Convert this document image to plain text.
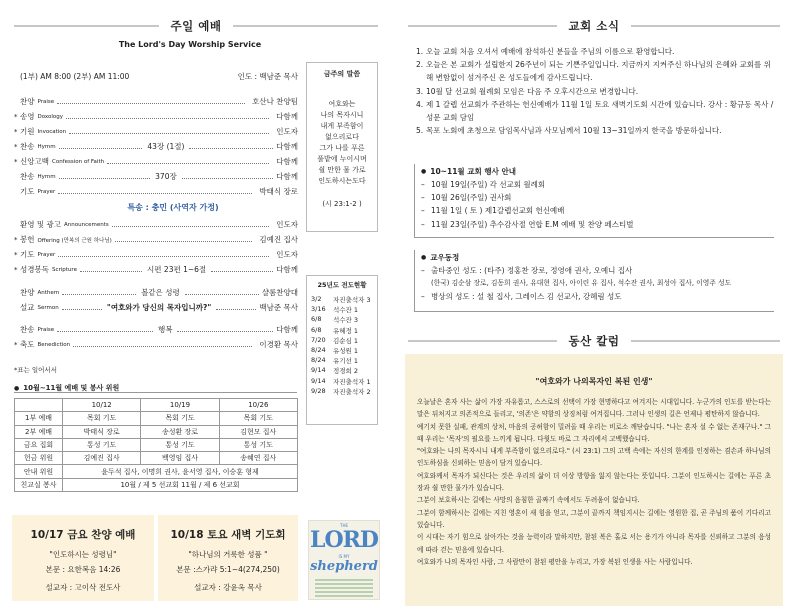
주일 예배
The Lord's Day Worship Service
(1부) AM 8:00 (2부) AM 11:00	인도 : 백남준 목사
찬양 Praise	호산나 찬양팀
* 송영 Doxology	다함께
* 기원 Invocation	인도자
* 찬송 Hymm	43장 (1절)	다함께
* 신앙고백 Confession of Faith	다함께
찬송 Hymm	370장	다함께
기도 Prayer	박태식 장로
특송 : 충민 (사역자 가정)
환영 및 광고 Announcements	인도자
* 봉헌 Offering (만복의 근원 하나님)	김예진 집사
* 기도 Prayer	인도자
* 성경봉독 Scripture	시편 23편 1~6절	다함께
찬양 Anthem	볼같은 성령	샬롬찬양대
설교 Sermon	"여호와가 당신의 목자입니까?"	백남준 목사
찬송 Praise	행복	다함께
* 축도 Benediction	이경환 목사
*표는 일어서서
금주의 말씀
여호와는
나의 목자시니
내게 부족함이
없으리로다
그가 나를 푸른
풀밭에 누이시며
쉴 만한 물 가로
인도하시는도다
(시 23:1-2 )
25년도 전도현황
3/2	자진출석자 3
3/16	석수잔 1
6/8	석수잔 3
6/8	유혜정 1
7/20	김순심 1
8/24	유성원 1
8/24	유기선 1
9/14	정경희 2
9/14	자진출석자 1
9/28	자진출석자 2
● 10월~11월 예배 및 봉사 위원
	10/12	10/19	10/26
1부 예배	목회 기도	목회 기도	목회 기도
2부 예배	박태식 장로	송성환 장로	김현모 집사
금요 집회	통성 기도	통성 기도	통성 기도
헌금 위원	김예진 집사	백영임 집사	송혜연 집사
안내 위원	윤두석 집사, 이명희 권사, 윤서영 집사, 이승훈 형제		
친교실 봉사	10월 / 제 5 선교회 11월 / 제 6 선교회		
10/17 금요 찬양 예배
"인도하시는 성령님"
본문 : 요한복음 14:26
설교자 : 고이삭 전도사
10/18 토요 새벽 기도회
"하나님의 거룩한 성품 "
본문 :스가랴 5:1~4(274,250)
설교자 : 강윤옥 목사
THE
LORD
IS MY
shepherd
교회 소식
1. 오늘 교회 처음 오셔서 예배에 참석하신 분들을 주님의 이름으로 환영합니다.
2. 오늘은 본 교회가 설립한지 26주년이 되는 기쁜주일입니다. 지금까지 지켜주신 하나님의 은혜와 교회를 위해 변함없이 섬겨주신 온 성도들에게 감사드립니다.
3. 10월 달 선교회 월례회 모임은 다음 주 오후시간으로 변경합니다.
4. 제 1 갈렙 선교회가 주관하는 헌신예배가 11월 1일 토요 새벽기도회 시간에 있습니다. 강사 : 황규동 목사 / 성문 교회 담임
5. 목포 노회에 초청으로 담임목사님과 사모님께서 10월 13~31일까지 한국을 방문하십니다.
● 10~11월 교회 행사 안내
– 10월 19일(주일) 각 선교회 월례회
– 10월 26일(주일) 권사회
– 11월 1일 ( 토 ) 제1갈렙선교회 헌신예배
– 11월 23일(주일) 추수감사절 연합 E.M 예배 및 찬양 페스티벌
● 교우동정
– 출타중인 성도 : (타주) 정홍찬 장로, 정영애 권사, 오예니 집사
(한국) 김순삼 장로, 김동희 권사, 유대현 집사, 아이린 유 집사, 석수잔 권사, 최성아 집사, 이영주 성도
– 병상의 성도 : 설 철 집사, 그레이스 김 선교사, 강혜림 성도
동산 칼럼
"여호와가 나의목자인 복된 인생"
오늘날은 혼자 사는 삶이 가장 자유롭고, 스스로의 선택이 가장 현명하다고 여겨지는 시대입니다. 누군가의 인도를 받는다는 말은 뒤처지고 의존적으로 들리고, '의존'은 약함의 상징처럼 여겨집니다. 그러나 인생의 길은 언제나 평탄하지 않습니다.
예기치 못한 실패, 관계의 상처, 마음의 공허함이 밀려올 때 우리는 비로소 깨닫습니다. "나는 혼자 설 수 없는 존재구나." 그때 우리는 '목자'의 필요를 느끼게 됩니다. 다윗도 바로 그 자리에서 고백했습니다.
"여호와는 나의 목자시니 내게 부족함이 없으리로다." (시 23:1) 그의 고백 속에는 자신의 한계를 인정하는 겸손과 하나님의 인도하심을 신뢰하는 믿음이 담겨 있습니다.
여호와께서 목자가 되신다는 것은 우리의 삶이 더 이상 방향을 잃지 않는다는 뜻입니다. 그분이 인도하시는 길에는 푸른 초장과 쉴 만한 물가가 있습니다.
그분이 보호하시는 길에는 사망의 음침한 골짜기 속에서도 두려움이 없습니다.
그분이 함께하시는 길에는 지친 영혼이 새 힘을 얻고, 그분이 끝까지 책임지시는 길에는 영원한 집, 곧 주님의 품이 기다리고 있습니다.
이 시대는 자기 힘으로 살아가는 것을 능력이라 말하지만, 참된 복은 홀로 서는 용기가 아니라 목자를 신뢰하고 그분의 음성에 따라 걷는 믿음에 있습니다.
여호와가 나의 목자인 사람, 그 사람만이 참된 평안을 누리고, 가장 복된 인생을 사는 사람입니다.
